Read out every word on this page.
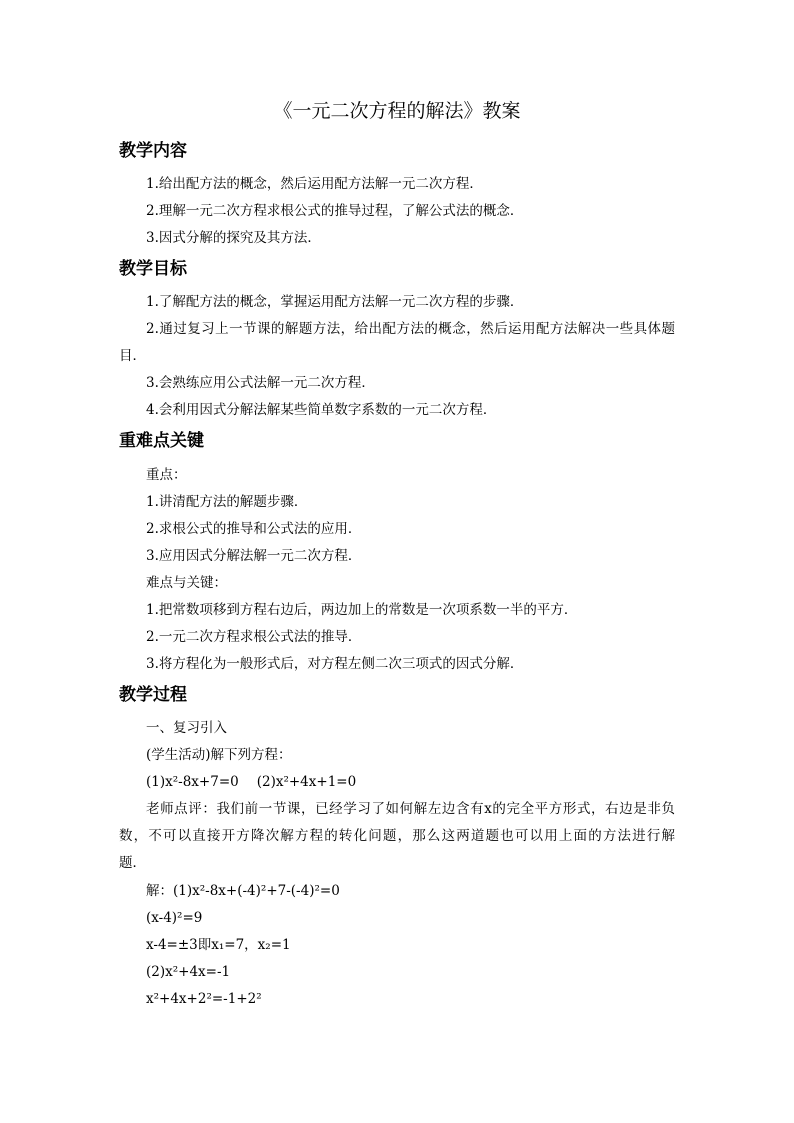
《一元二次方程的解法》教案
教学内容
1.给出配方法的概念，然后运用配方法解一元二次方程．
2.理解一元二次方程求根公式的推导过程，了解公式法的概念．
3.因式分解的探究及其方法．
教学目标
1.了解配方法的概念，掌握运用配方法解一元二次方程的步骤．
2.通过复习上一节课的解题方法，给出配方法的概念，然后运用配方法解决一些具体题
目．
3.会熟练应用公式法解一元二次方程．
4.会利用因式分解法解某些简单数字系数的一元二次方程．
重难点关键
重点：
1.讲清配方法的解题步骤．
2.求根公式的推导和公式法的应用．
3.应用因式分解法解一元二次方程．
难点与关键：
1.把常数项移到方程右边后，两边加上的常数是一次项系数一半的平方．
2.一元二次方程求根公式法的推导．
3.将方程化为一般形式后，对方程左侧二次三项式的因式分解．
教学过程
一、复习引入
(学生活动)解下列方程：
(1)x²-8x+7=0 (2)x²+4x+1=0
老师点评：我们前一节课，已经学习了如何解左边含有x的完全平方形式，右边是非负
数，不可以直接开方降次解方程的转化问题，那么这两道题也可以用上面的方法进行解
题．
解：(1)x²-8x+(-4)²+7-(-4)²=0
(x-4)²=9
x-4=±3即x₁=7，x₂=1
(2)x²+4x=-1
x²+4x+2²=-1+2²
